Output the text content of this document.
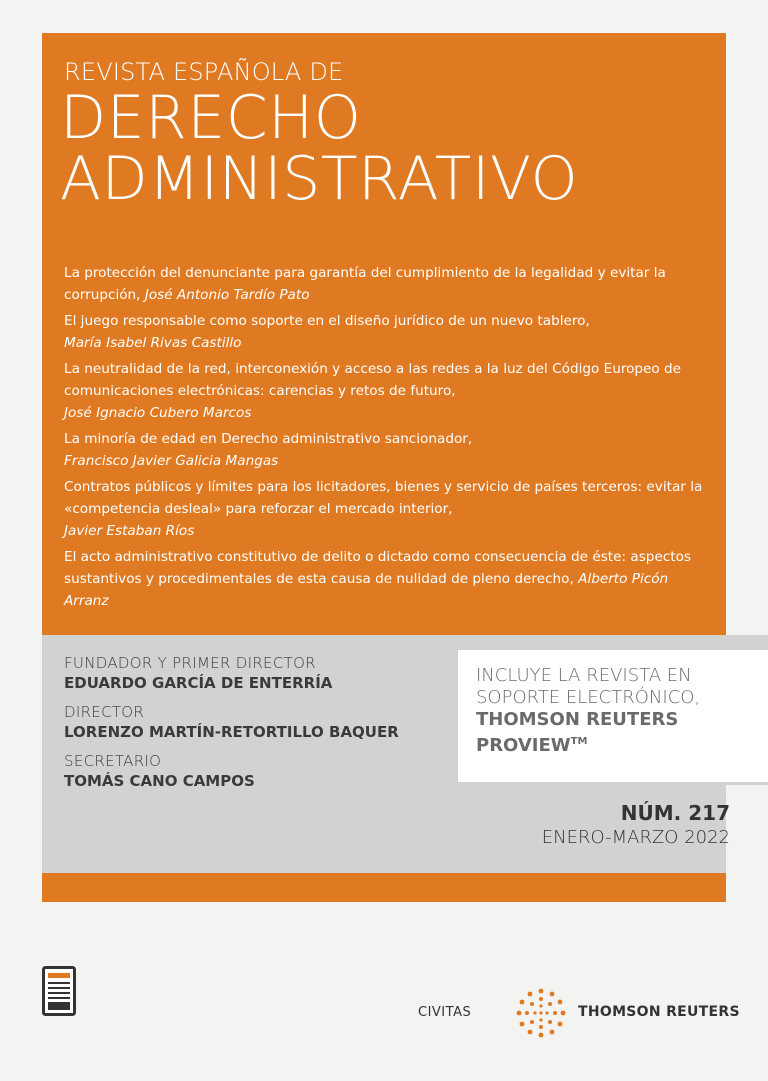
REVISTA ESPAÑOLA DE
DERECHO
ADMINISTRATIVO
La protección del denunciante para garantía del cumplimiento de la legalidad y evitar la corrupción, José Antonio Tardío Pato
El juego responsable como soporte en el diseño jurídico de un nuevo tablero,
María Isabel Rivas Castillo
La neutralidad de la red, interconexión y acceso a las redes a la luz del Código Europeo de comunicaciones electrónicas: carencias y retos de futuro,
José Ignacio Cubero Marcos
La minoría de edad en Derecho administrativo sancionador,
Francisco Javier Galicia Mangas
Contratos públicos y límites para los licitadores, bienes y servicio de países terceros: evitar la «competencia desleal» para reforzar el mercado interior,
Javier Estaban Ríos
El acto administrativo constitutivo de delito o dictado como consecuencia de éste: aspectos sustantivos y procedimentales de esta causa de nulidad de pleno derecho, Alberto Picón Arranz
FUNDADOR Y PRIMER DIRECTOR
EDUARDO GARCÍA DE ENTERRÍA
DIRECTOR
LORENZO MARTÍN-RETORTILLO BAQUER
SECRETARIO
TOMÁS CANO CAMPOS
INCLUYE LA REVISTA EN
SOPORTE ELECTRÓNICO,
THOMSON REUTERS
PROVIEW™
NÚM. 217
ENERO-MARZO 2022
CIVITAS	THOMSON REUTERS
